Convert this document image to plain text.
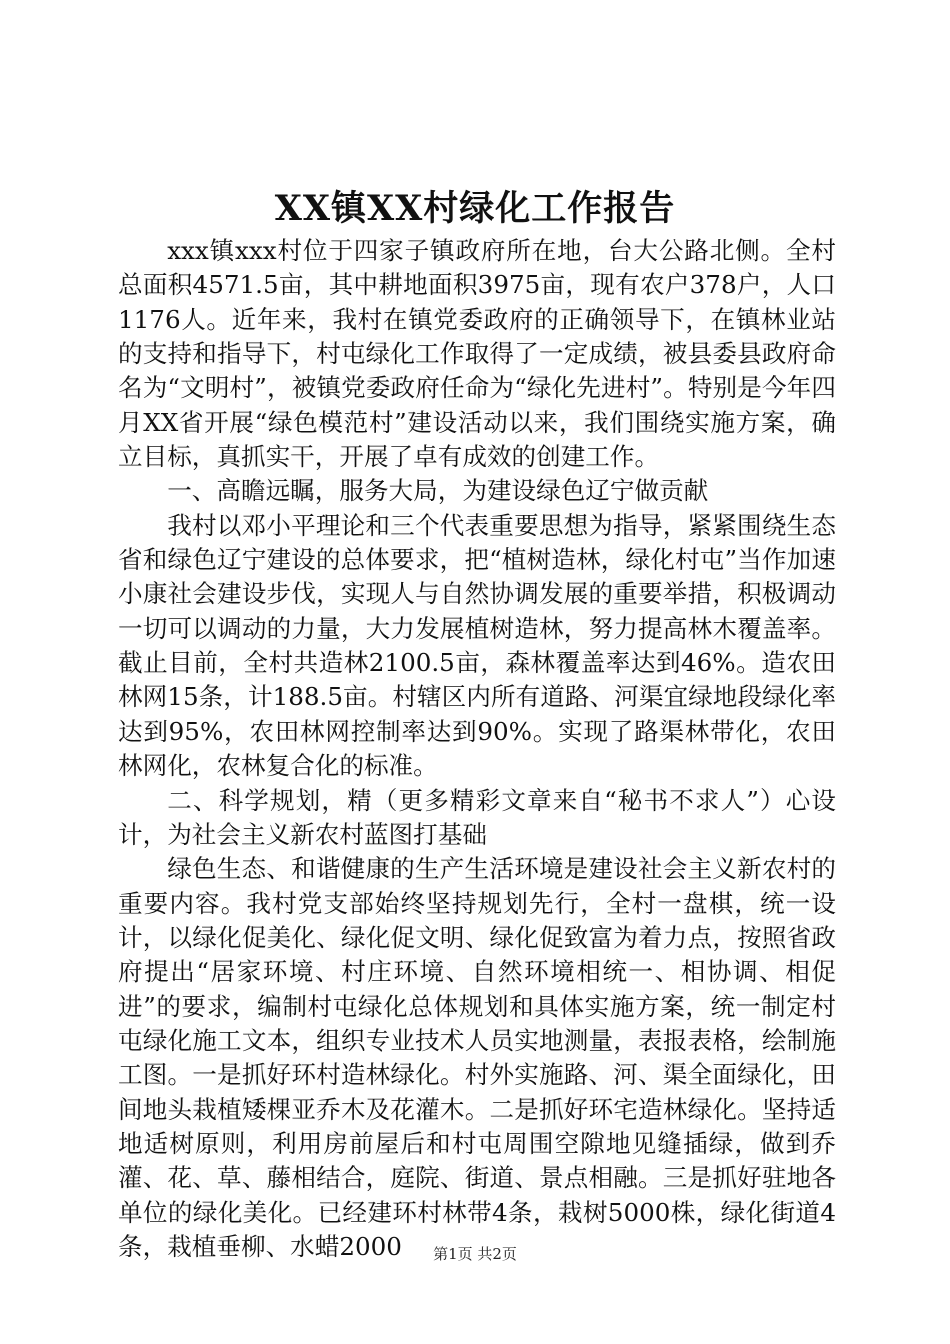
XX镇XX村绿化工作报告

xxx镇xxx村位于四家子镇政府所在地，台大公路北侧。全村总面积4571.5亩，其中耕地面积3975亩，现有农户378户，人口1176人。近年来，我村在镇党委政府的正确领导下，在镇林业站的支持和指导下，村屯绿化工作取得了一定成绩，被县委县政府命名为“文明村”，被镇党委政府任命为“绿化先进村”。特别是今年四月XX省开展“绿色模范村”建设活动以来，我们围绕实施方案，确立目标，真抓实干，开展了卓有成效的创建工作。

一、高瞻远瞩，服务大局，为建设绿色辽宁做贡献

我村以邓小平理论和三个代表重要思想为指导，紧紧围绕生态省和绿色辽宁建设的总体要求，把“植树造林，绿化村屯”当作加速小康社会建设步伐，实现人与自然协调发展的重要举措，积极调动一切可以调动的力量，大力发展植树造林，努力提高林木覆盖率。截止目前，全村共造林2100.5亩，森林覆盖率达到46%。造农田林网15条，计188.5亩。村辖区内所有道路、河渠宜绿地段绿化率达到95%，农田林网控制率达到90%。实现了路渠林带化，农田林网化，农林复合化的标准。

二、科学规划，精（更多精彩文章来自“秘书不求人”）心设计，为社会主义新农村蓝图打基础

绿色生态、和谐健康的生产生活环境是建设社会主义新农村的重要内容。我村党支部始终坚持规划先行，全村一盘棋，统一设计，以绿化促美化、绿化促文明、绿化促致富为着力点，按照省政府提出“居家环境、村庄环境、自然环境相统一、相协调、相促进”的要求，编制村屯绿化总体规划和具体实施方案，统一制定村屯绿化施工文本，组织专业技术人员实地测量，表报表格，绘制施工图。一是抓好环村造林绿化。村外实施路、河、渠全面绿化，田间地头栽植矮棵亚乔木及花灌木。二是抓好环宅造林绿化。坚持适地适树原则，利用房前屋后和村屯周围空隙地见缝插绿，做到乔灌、花、草、藤相结合，庭院、街道、景点相融。三是抓好驻地各单位的绿化美化。已经建环村林带4条，栽树5000株，绿化街道4条，栽植垂柳、水蜡2000	第1页 共2页
